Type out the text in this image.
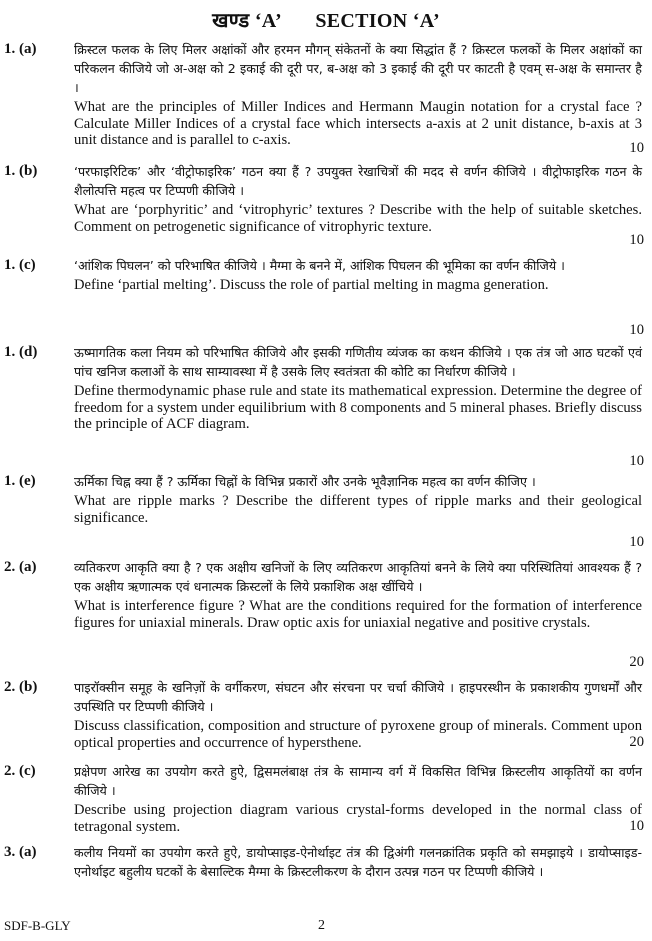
खण्ड ‘A’ SECTION ‘A’
1. (a)	क्रिस्टल फलक के लिए मिलर अक्षांकों और हरमन मौगन् संकेतनों के क्या सिद्धांत हैं ? क्रिस्टल फलकों के मिलर अक्षांकों का परिकलन कीजिये जो अ-अक्ष को 2 इकाई की दूरी पर, ब-अक्ष को 3 इकाई की दूरी पर काटती है एवम् स-अक्ष के समान्तर है ।

What are the principles of Miller Indices and Hermann Maugin notation for a crystal face ? Calculate Miller Indices of a crystal face which intersects a-axis at 2 unit distance, b-axis at 3 unit distance and is parallel to c-axis.	10
1. (b)	‘परफाइरिटिक’ और ‘वीट्रोफाइरिक’ गठन क्या हैं ? उपयुक्त रेखाचित्रों की मदद से वर्णन कीजिये । वीट्रोफाइरिक गठन के शैलोत्पत्ति महत्व पर टिप्पणी कीजिये ।

What are ‘porphyritic’ and ‘vitrophyric’ textures ? Describe with the help of suitable sketches. Comment on petrogenetic significance of vitrophyric texture.

10
1. (c)	‘आंशिक पिघलन’ को परिभाषित कीजिये । मैग्मा के बनने में, आंशिक पिघलन की भूमिका का वर्णन कीजिये ।

Define ‘partial melting’. Discuss the role of partial melting in magma generation.

10
1. (d)	ऊष्मागतिक कला नियम को परिभाषित कीजिये और इसकी गणितीय व्यंजक का कथन कीजिये । एक तंत्र जो आठ घटकों एवं पांच खनिज कलाओं के साथ साम्यावस्था में है उसके लिए स्वतंत्रता की कोटि का निर्धारण कीजिये ।

Define thermodynamic phase rule and state its mathematical expression. Determine the degree of freedom for a system under equilibrium with 8 components and 5 mineral phases. Briefly discuss the principle of ACF diagram.

10
1. (e)	ऊर्मिका चिह्न क्या हैं ? ऊर्मिका चिह्नों के विभिन्न प्रकारों और उनके भूवैज्ञानिक महत्व का वर्णन कीजिए ।

What are ripple marks ? Describe the different types of ripple marks and their geological significance.

10
2. (a)	व्यतिकरण आकृति क्या है ? एक अक्षीय खनिजों के लिए व्यतिकरण आकृतियां बनने के लिये क्या परिस्थितियां आवश्यक हैं ? एक अक्षीय ऋणात्मक एवं धनात्मक क्रिस्टलों के लिये प्रकाशिक अक्ष खींचिये ।

What is interference figure ? What are the conditions required for the formation of interference figures for uniaxial minerals. Draw optic axis for uniaxial negative and positive crystals.

20
2. (b)	पाइरॉक्सीन समूह के खनिज़ों के वर्गीकरण, संघटन और संरचना पर चर्चा कीजिये । हाइपरस्थीन के प्रकाशकीय गुणधर्मों और उपस्थिति पर टिप्पणी कीजिये ।

Discuss classification, composition and structure of pyroxene group of minerals. Comment upon optical properties and occurrence of hypersthene.	20
2. (c)	प्रक्षेपण आरेख का उपयोग करते हुऐ, द्विसमलंबाक्ष तंत्र के सामान्य वर्ग में विकसित विभिन्न क्रिस्टलीय आकृतियों का वर्णन कीजिये ।

Describe using projection diagram various crystal-forms developed in the normal class of tetragonal system.	10
3. (a)	कलीय नियमों का उपयोग करते हुऐ, डायोप्साइड-ऐनोर्थाइट तंत्र की द्विअंगी गलनक्रांतिक प्रकृति को समझाइये । डायोप्साइड-एनोर्थाइट बहुलीय घटकों के बेसाल्टिक मैग्मा के क्रिस्टलीकरण के दौरान उत्पन्न गठन पर टिप्पणी कीजिये ।

SDF-B-GLY	2
